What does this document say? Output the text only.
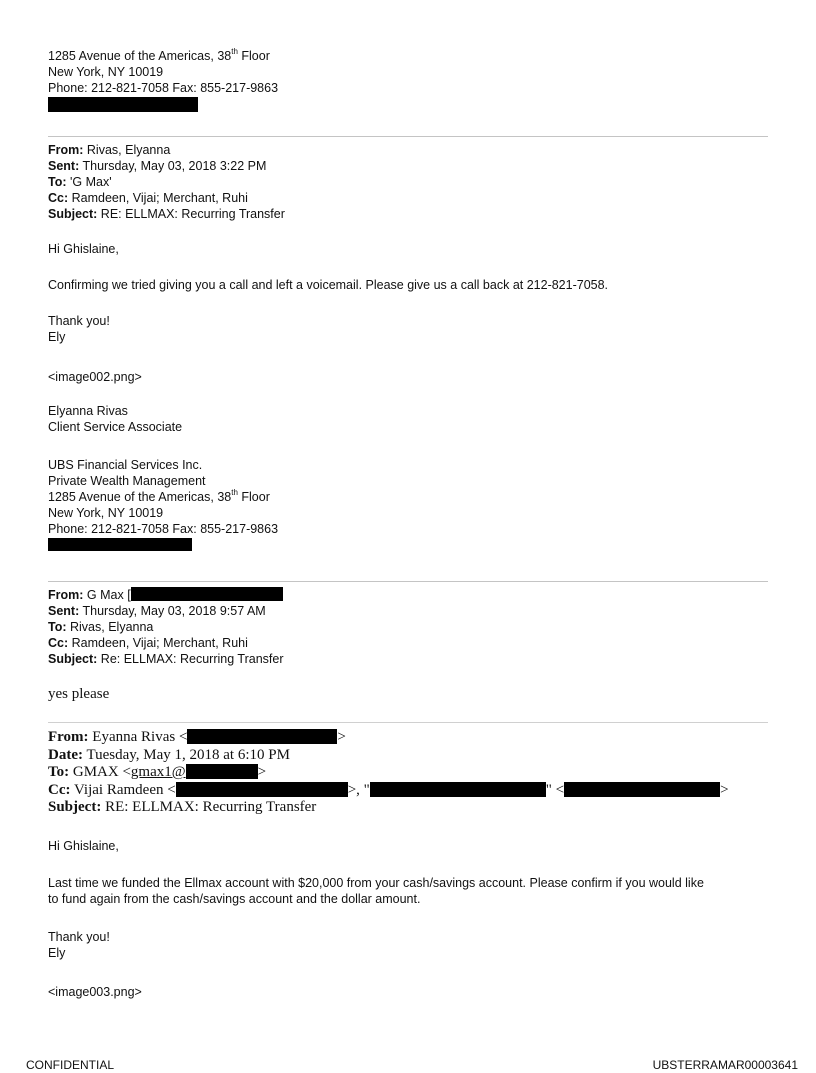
1285 Avenue of the Americas, 38th Floor
New York, NY 10019
Phone: 212-821-7058 Fax: 855-217-9863
From: Rivas, Elyanna
Sent: Thursday, May 03, 2018 3:22 PM
To: 'G Max'
Cc: Ramdeen, Vijai; Merchant, Ruhi
Subject: RE: ELLMAX: Recurring Transfer
Hi Ghislaine,
Confirming we tried giving you a call and left a voicemail. Please give us a call back at 212-821-7058.
Thank you!
Ely
<image002.png>
Elyanna Rivas
Client Service Associate
UBS Financial Services Inc.
Private Wealth Management
1285 Avenue of the Americas, 38th Floor
New York, NY 10019
Phone: 212-821-7058 Fax: 855-217-9863
From: G Max [
Sent: Thursday, May 03, 2018 9:57 AM
To: Rivas, Elyanna
Cc: Ramdeen, Vijai; Merchant, Ruhi
Subject: Re: ELLMAX: Recurring Transfer
yes please
From: Eyanna Rivas <	>
Date: Tuesday, May 1, 2018 at 6:10 PM
To: GMAX <gmax1@	>
Cc: Vijai Ramdeen <	>, "	" <	>
Subject: RE: ELLMAX: Recurring Transfer
Hi Ghislaine,
Last time we funded the Ellmax account with $20,000 from your cash/savings account. Please confirm if you would like
to fund again from the cash/savings account and the dollar amount.
Thank you!
Ely
<image003.png>
CONFIDENTIAL	UBSTERRAMAR00003641
